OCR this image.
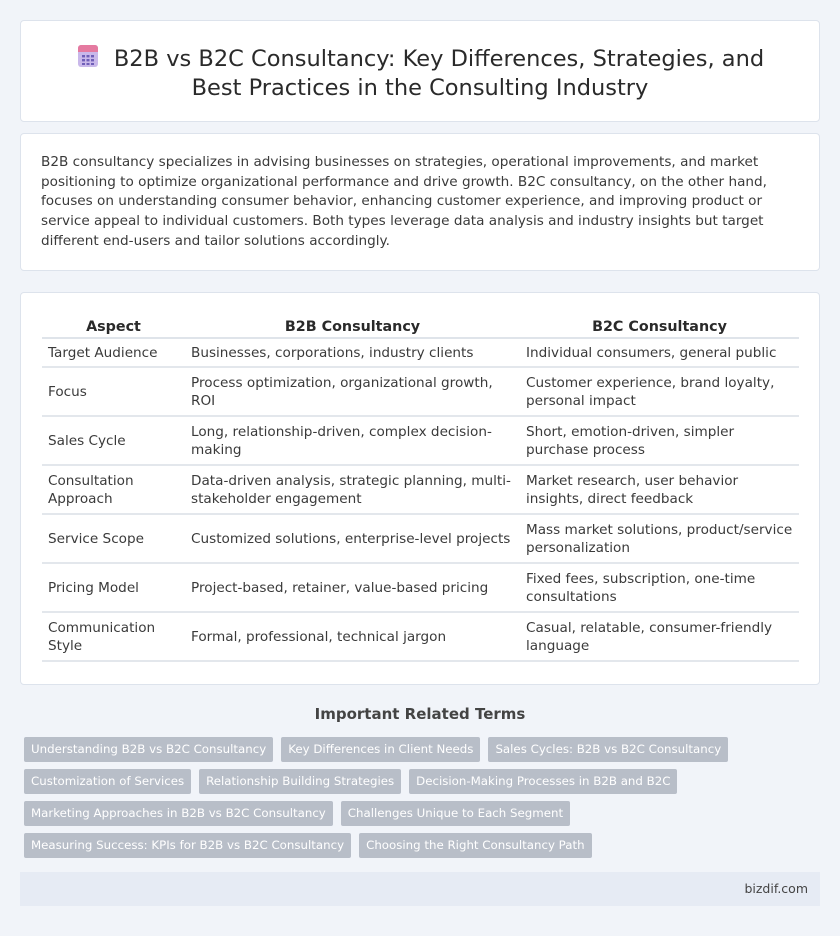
B2B vs B2C Consultancy: Key Differences, Strategies, and Best Practices in the Consulting Industry

B2B consultancy specializes in advising businesses on strategies, operational improvements, and market positioning to optimize organizational performance and drive growth. B2C consultancy, on the other hand, focuses on understanding consumer behavior, enhancing customer experience, and improving product or service appeal to individual customers. Both types leverage data analysis and industry insights but target different end-users and tailor solutions accordingly.

Aspect	B2B Consultancy	B2C Consultancy
Target Audience	Businesses, corporations, industry clients	Individual consumers, general public
Focus	Process optimization, organizational growth, ROI	Customer experience, brand loyalty, personal impact
Sales Cycle	Long, relationship-driven, complex decision-making	Short, emotion-driven, simpler purchase process
Consultation Approach	Data-driven analysis, strategic planning, multi-stakeholder engagement	Market research, user behavior insights, direct feedback
Service Scope	Customized solutions, enterprise-level projects	Mass market solutions, product/service personalization
Pricing Model	Project-based, retainer, value-based pricing	Fixed fees, subscription, one-time consultations
Communication Style	Formal, professional, technical jargon	Casual, relatable, consumer-friendly language
Important Related Terms
Understanding B2B vs B2C Consultancy	Key Differences in Client Needs	Sales Cycles: B2B vs B2C Consultancy
Customization of Services	Relationship Building Strategies	Decision-Making Processes in B2B and B2C
Marketing Approaches in B2B vs B2C Consultancy	Challenges Unique to Each Segment
Measuring Success: KPIs for B2B vs B2C Consultancy	Choosing the Right Consultancy Path
bizdif.com
